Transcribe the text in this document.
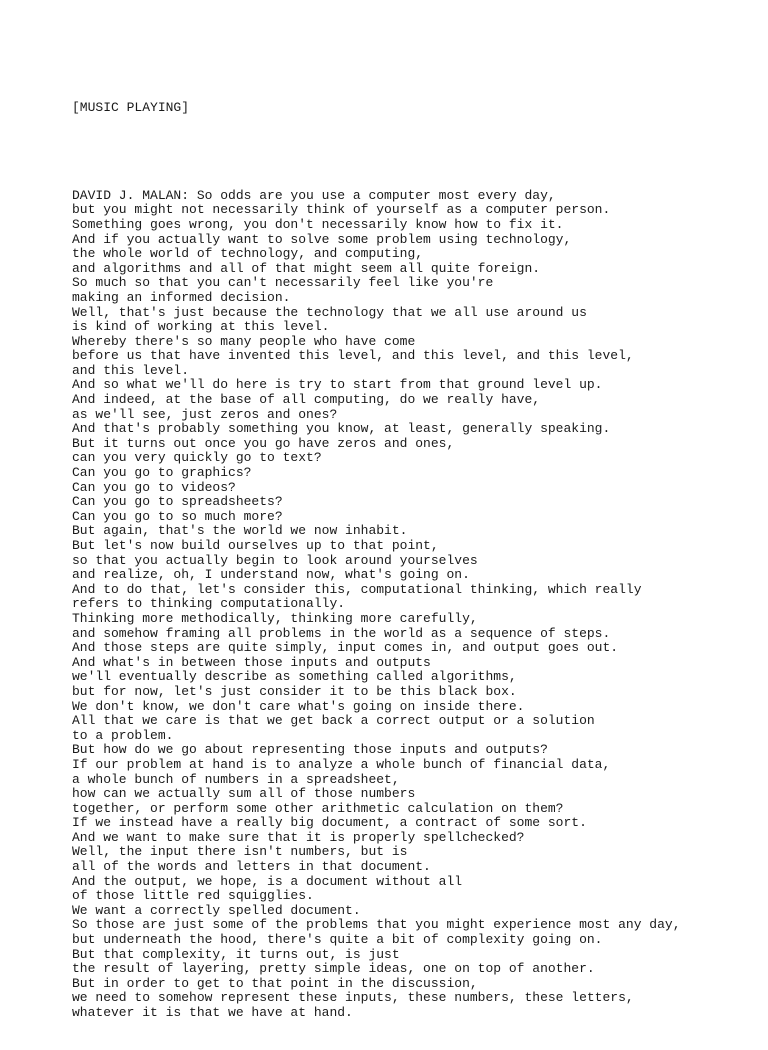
[MUSIC PLAYING]

DAVID J. MALAN: So odds are you use a computer most every day,
but you might not necessarily think of yourself as a computer person.
Something goes wrong, you don't necessarily know how to fix it.
And if you actually want to solve some problem using technology,
the whole world of technology, and computing,
and algorithms and all of that might seem all quite foreign.
So much so that you can't necessarily feel like you're
making an informed decision.
Well, that's just because the technology that we all use around us
is kind of working at this level.
Whereby there's so many people who have come
before us that have invented this level, and this level, and this level,
and this level.
And so what we'll do here is try to start from that ground level up.
And indeed, at the base of all computing, do we really have,
as we'll see, just zeros and ones?
And that's probably something you know, at least, generally speaking.
But it turns out once you go have zeros and ones,
can you very quickly go to text?
Can you go to graphics?
Can you go to videos?
Can you go to spreadsheets?
Can you go to so much more?
But again, that's the world we now inhabit.
But let's now build ourselves up to that point,
so that you actually begin to look around yourselves
and realize, oh, I understand now, what's going on.
And to do that, let's consider this, computational thinking, which really
refers to thinking computationally.
Thinking more methodically, thinking more carefully,
and somehow framing all problems in the world as a sequence of steps.
And those steps are quite simply, input comes in, and output goes out.
And what's in between those inputs and outputs
we'll eventually describe as something called algorithms,
but for now, let's just consider it to be this black box.
We don't know, we don't care what's going on inside there.
All that we care is that we get back a correct output or a solution
to a problem.
But how do we go about representing those inputs and outputs?
If our problem at hand is to analyze a whole bunch of financial data,
a whole bunch of numbers in a spreadsheet,
how can we actually sum all of those numbers
together, or perform some other arithmetic calculation on them?
If we instead have a really big document, a contract of some sort.
And we want to make sure that it is properly spellchecked?
Well, the input there isn't numbers, but is
all of the words and letters in that document.
And the output, we hope, is a document without all
of those little red squigglies.
We want a correctly spelled document.
So those are just some of the problems that you might experience most any day,
but underneath the hood, there's quite a bit of complexity going on.
But that complexity, it turns out, is just
the result of layering, pretty simple ideas, one on top of another.
But in order to get to that point in the discussion,
we need to somehow represent these inputs, these numbers, these letters,
whatever it is that we have at hand.
